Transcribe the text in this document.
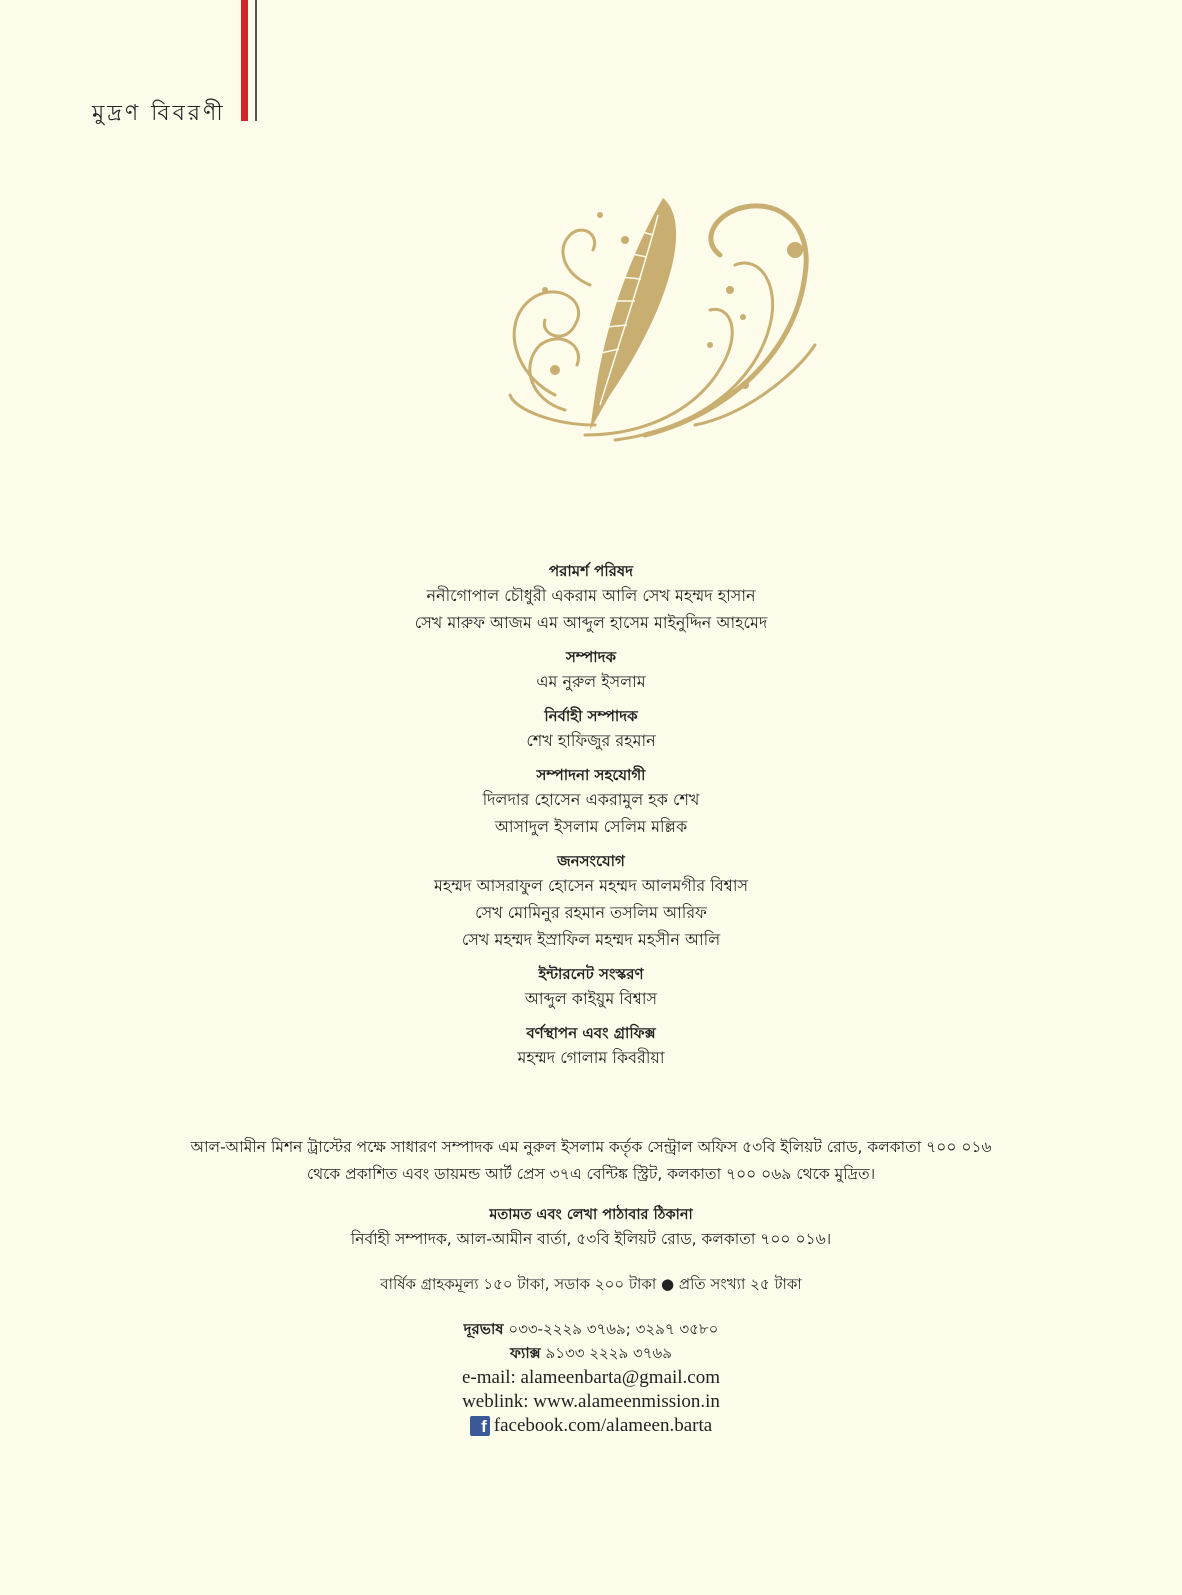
মুদ্রণ বিবরণী
পরামর্শ পরিষদ
ননীগোপাল চৌধুরী একরাম আলি সেখ মহম্মদ হাসান
সেখ মারুফ আজম এম আব্দুল হাসেম মাইনুদ্দিন আহমেদ
সম্পাদক
এম নুরুল ইসলাম
নির্বাহী সম্পাদক
শেখ হাফিজুর রহমান
সম্পাদনা সহযোগী
দিলদার হোসেন একরামুল হক শেখ
আসাদুল ইসলাম সেলিম মল্লিক
জনসংযোগ
মহম্মদ আসরাফুল হোসেন মহম্মদ আলমগীর বিশ্বাস
সেখ মোমিনুর রহমান তসলিম আরিফ
সেখ মহম্মদ ইস্রাফিল মহম্মদ মহসীন আলি
ইন্টারনেট সংস্করণ
আব্দুল কাইয়ুম বিশ্বাস
বর্ণস্থাপন এবং গ্রাফিক্স
মহম্মদ গোলাম কিবরীয়া
আল-আমীন মিশন ট্রাস্টের পক্ষে সাধারণ সম্পাদক এম নুরুল ইসলাম কর্তৃক সেন্ট্রাল অফিস ৫৩বি ইলিয়ট রোড, কলকাতা ৭০০ ০১৬
থেকে প্রকাশিত এবং ডায়মন্ড আর্ট প্রেস ৩৭এ বেন্টিঙ্ক স্ট্রিট, কলকাতা ৭০০ ০৬৯ থেকে মুদ্রিত।
মতামত এবং লেখা পাঠাবার ঠিকানা
নির্বাহী সম্পাদক, আল-আমীন বার্তা, ৫৩বি ইলিয়ট রোড, কলকাতা ৭০০ ০১৬।
বার্ষিক গ্রাহকমূল্য ১৫০ টাকা, সডাক ২০০ টাকা ● প্রতি সংখ্যা ২৫ টাকা
দূরভাষ ০৩৩-২২২৯ ৩৭৬৯; ৩২৯৭ ৩৫৮০
ফ্যাক্স ৯১৩৩ ২২২৯ ৩৭৬৯
e-mail: alameenbarta@gmail.com
weblink: www.alameenmission.in
f facebook.com/alameen.barta
